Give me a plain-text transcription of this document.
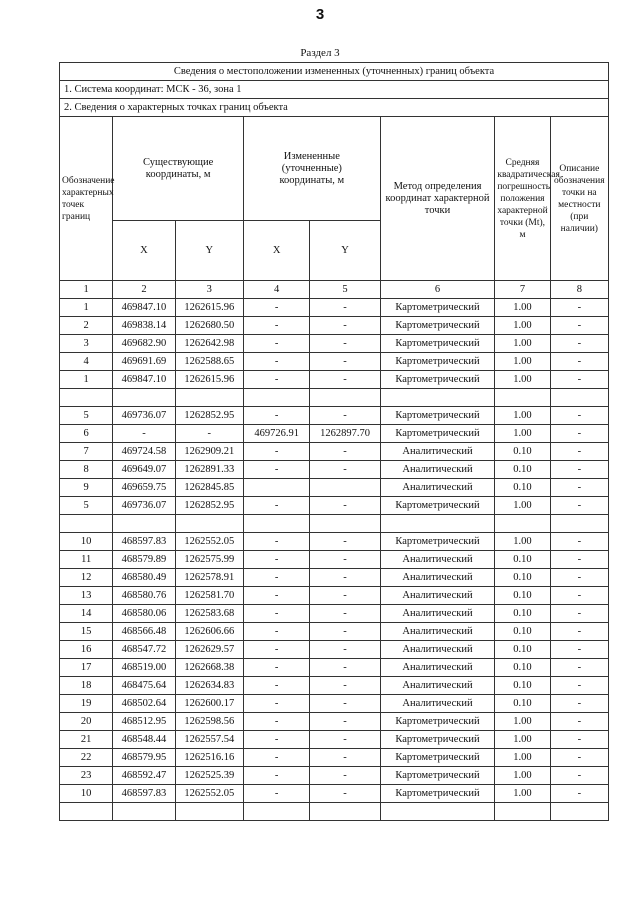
3
Раздел 3
Сведения о местоположении измененных (уточненных) границ объекта							
1. Система координат: МСК - 36, зона 1							
2. Сведения о характерных точках границ объекта							
Обозначение характерных точек границ	Существующие координаты, м		Измененные (уточненные) координаты, м		Метод определения координат характерной точки	Средняя квадратическая погрешность положения характерной точки (Mt), м	Описание обозначения точки на местности (при наличии)
	X	Y	X	Y			
1	2	3	4	5	6	7	8
1	469847.10	1262615.96	-	-	Картометрический	1.00	-
2	469838.14	1262680.50	-	-	Картометрический	1.00	-
3	469682.90	1262642.98	-	-	Картометрический	1.00	-
4	469691.69	1262588.65	-	-	Картометрический	1.00	-
1	469847.10	1262615.96	-	-	Картометрический	1.00	-

5	469736.07	1262852.95	-	-	Картометрический	1.00	-
6	-	-	469726.91	1262897.70	Картометрический	1.00	-
7	469724.58	1262909.21	-	-	Аналитический	0.10	-
8	469649.07	1262891.33	-	-	Аналитический	0.10	-
9	469659.75	1262845.85			Аналитический	0.10	-
5	469736.07	1262852.95	-	-	Картометрический	1.00	-

10	468597.83	1262552.05	-	-	Картометрический	1.00	-
11	468579.89	1262575.99	-	-	Аналитический	0.10	-
12	468580.49	1262578.91	-	-	Аналитический	0.10	-
13	468580.76	1262581.70	-	-	Аналитический	0.10	-
14	468580.06	1262583.68	-	-	Аналитический	0.10	-
15	468566.48	1262606.66	-	-	Аналитический	0.10	-
16	468547.72	1262629.57	-	-	Аналитический	0.10	-
17	468519.00	1262668.38	-	-	Аналитический	0.10	-
18	468475.64	1262634.83	-	-	Аналитический	0.10	-
19	468502.64	1262600.17	-	-	Аналитический	0.10	-
20	468512.95	1262598.56	-	-	Картометрический	1.00	-
21	468548.44	1262557.54	-	-	Картометрический	1.00	-
22	468579.95	1262516.16	-	-	Картометрический	1.00	-
23	468592.47	1262525.39	-	-	Картометрический	1.00	-
10	468597.83	1262552.05	-	-	Картометрический	1.00	-
